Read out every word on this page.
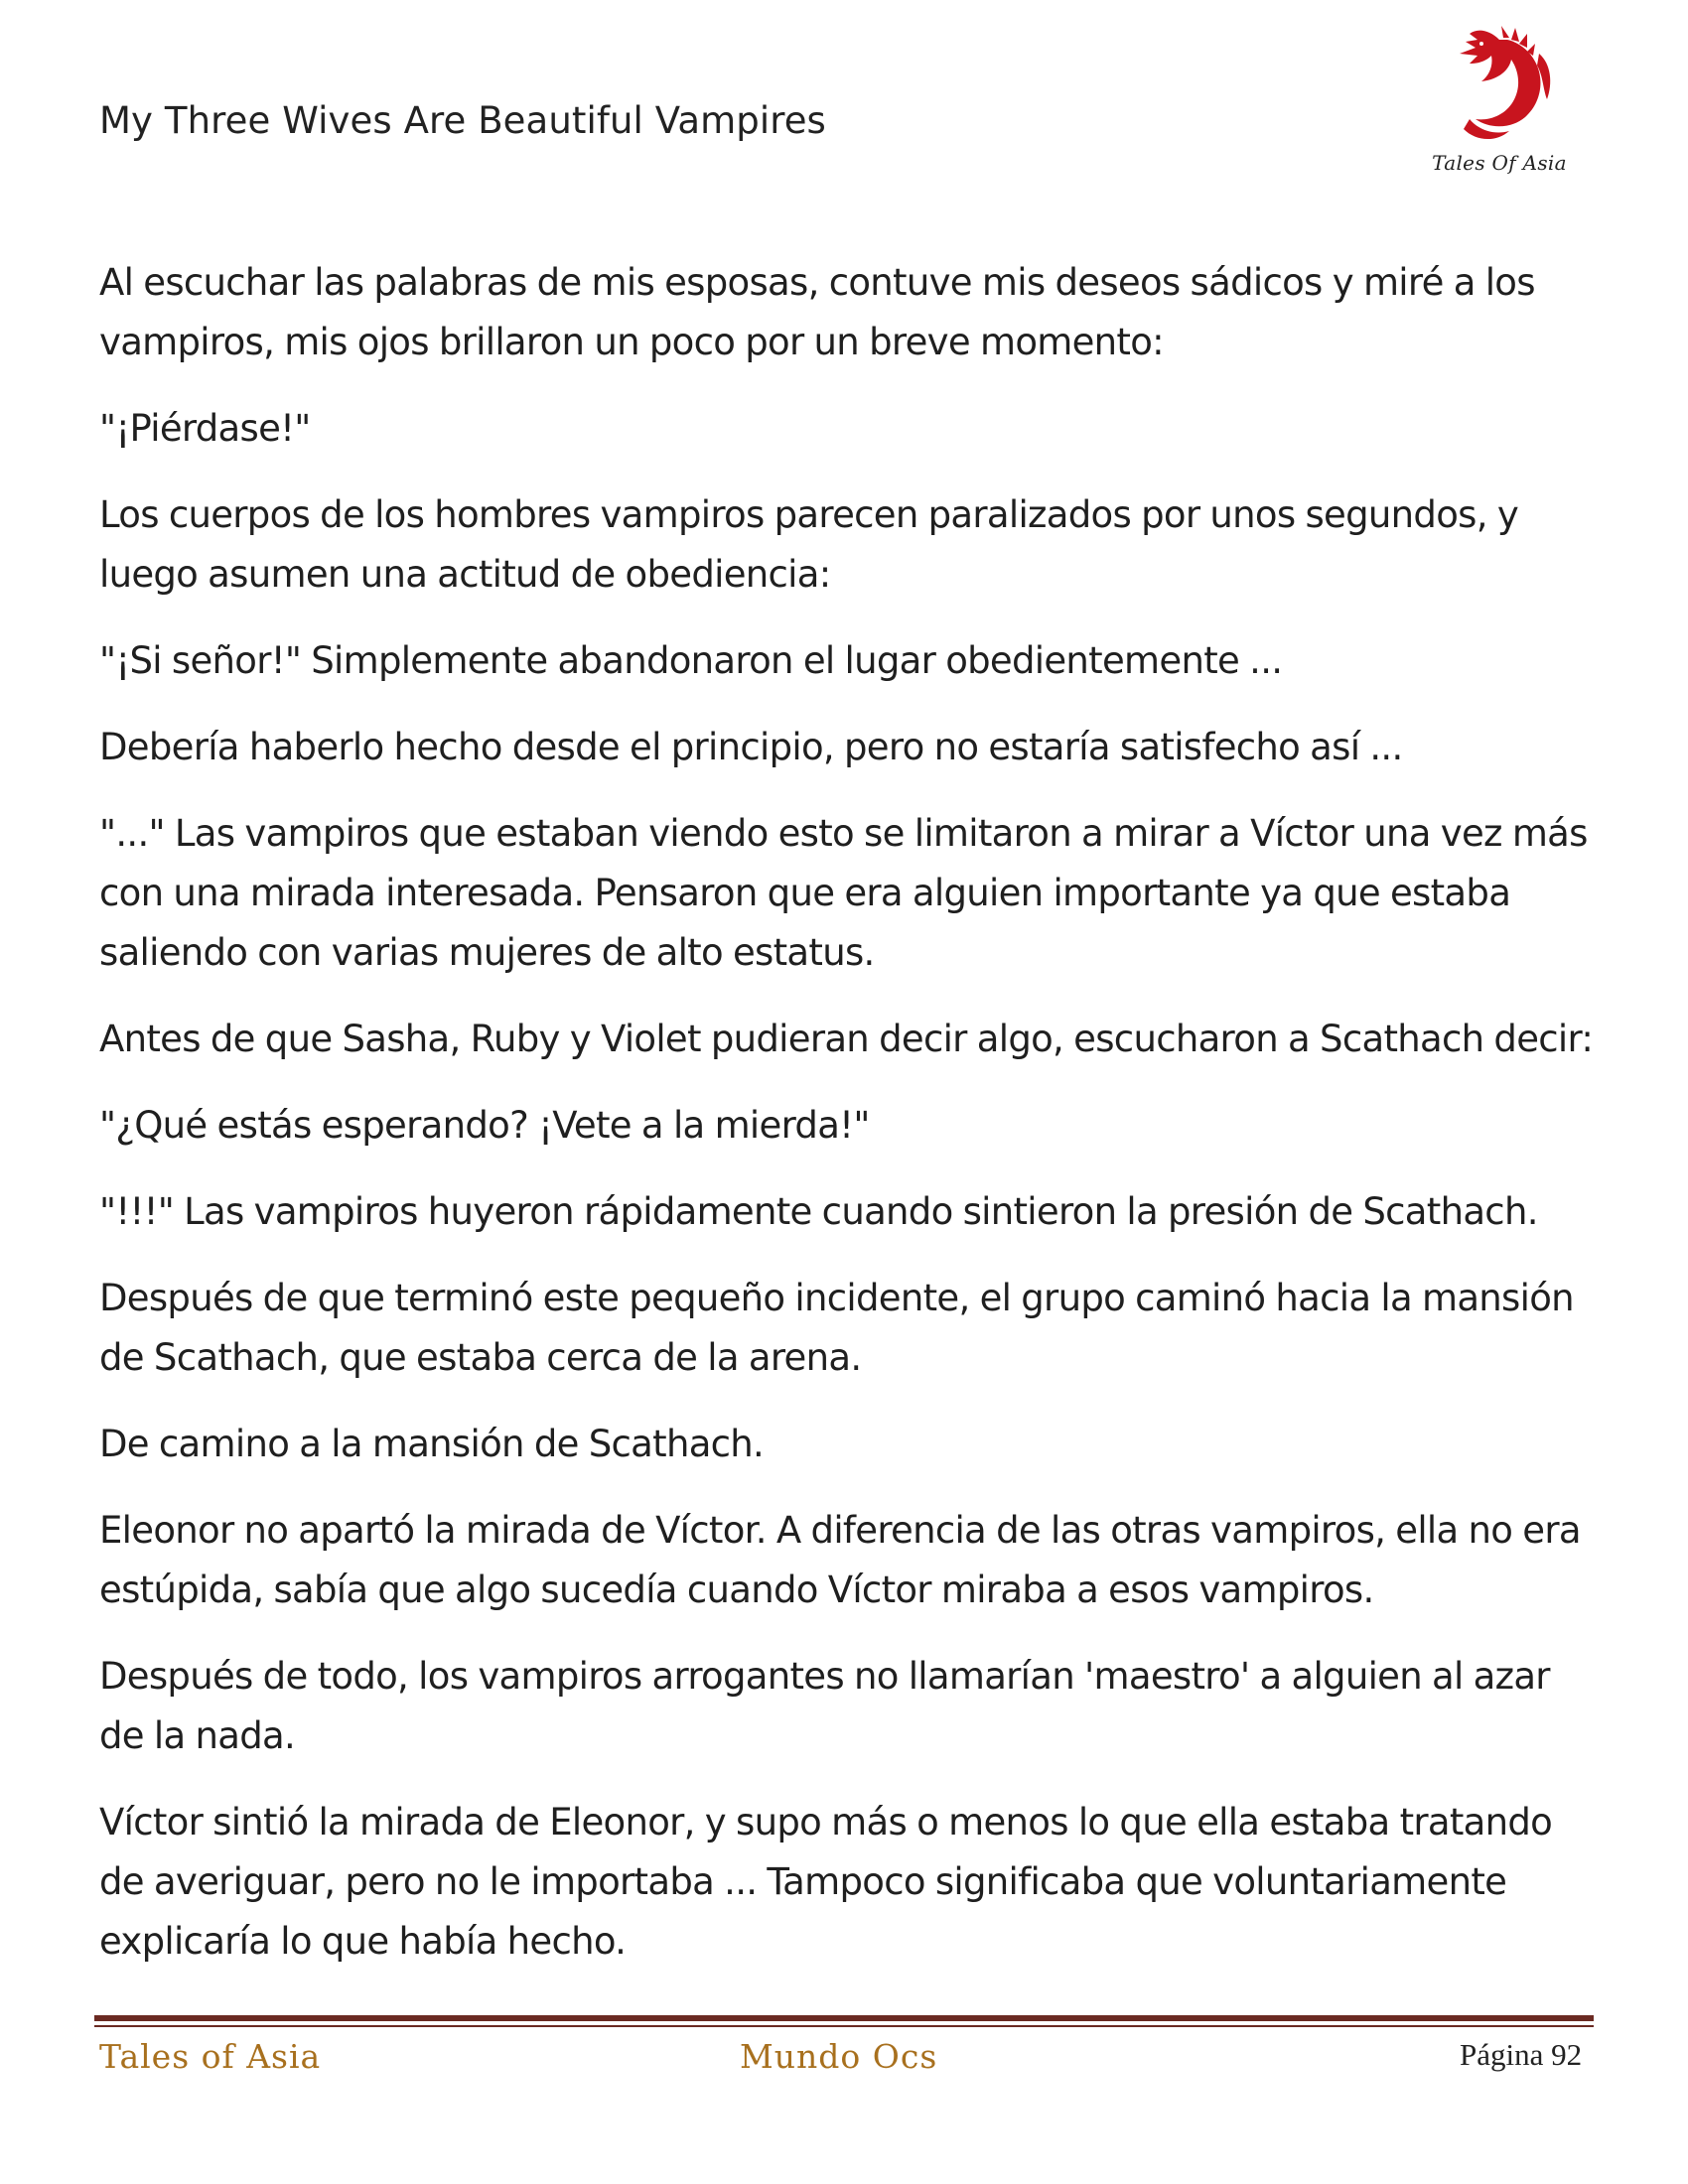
My Three Wives Are Beautiful Vampires
Tales Of Asia

Al escuchar las palabras de mis esposas, contuve mis deseos sádicos y miré a los vampiros, mis ojos brillaron un poco por un breve momento:

"¡Piérdase!"

Los cuerpos de los hombres vampiros parecen paralizados por unos segundos, y luego asumen una actitud de obediencia:

"¡Si señor!" Simplemente abandonaron el lugar obedientemente ...

Debería haberlo hecho desde el principio, pero no estaría satisfecho así ...

"..." Las vampiros que estaban viendo esto se limitaron a mirar a Víctor una vez más con una mirada interesada. Pensaron que era alguien importante ya que estaba saliendo con varias mujeres de alto estatus.

Antes de que Sasha, Ruby y Violet pudieran decir algo, escucharon a Scathach decir:

"¿Qué estás esperando? ¡Vete a la mierda!"

"!!!" Las vampiros huyeron rápidamente cuando sintieron la presión de Scathach.

Después de que terminó este pequeño incidente, el grupo caminó hacia la mansión de Scathach, que estaba cerca de la arena.

De camino a la mansión de Scathach.

Eleonor no apartó la mirada de Víctor. A diferencia de las otras vampiros, ella no era estúpida, sabía que algo sucedía cuando Víctor miraba a esos vampiros.

Después de todo, los vampiros arrogantes no llamarían 'maestro' a alguien al azar de la nada.

Víctor sintió la mirada de Eleonor, y supo más o menos lo que ella estaba tratando de averiguar, pero no le importaba ... Tampoco significaba que voluntariamente explicaría lo que había hecho.

Tales of Asia	Mundo Ocs	Página 92
